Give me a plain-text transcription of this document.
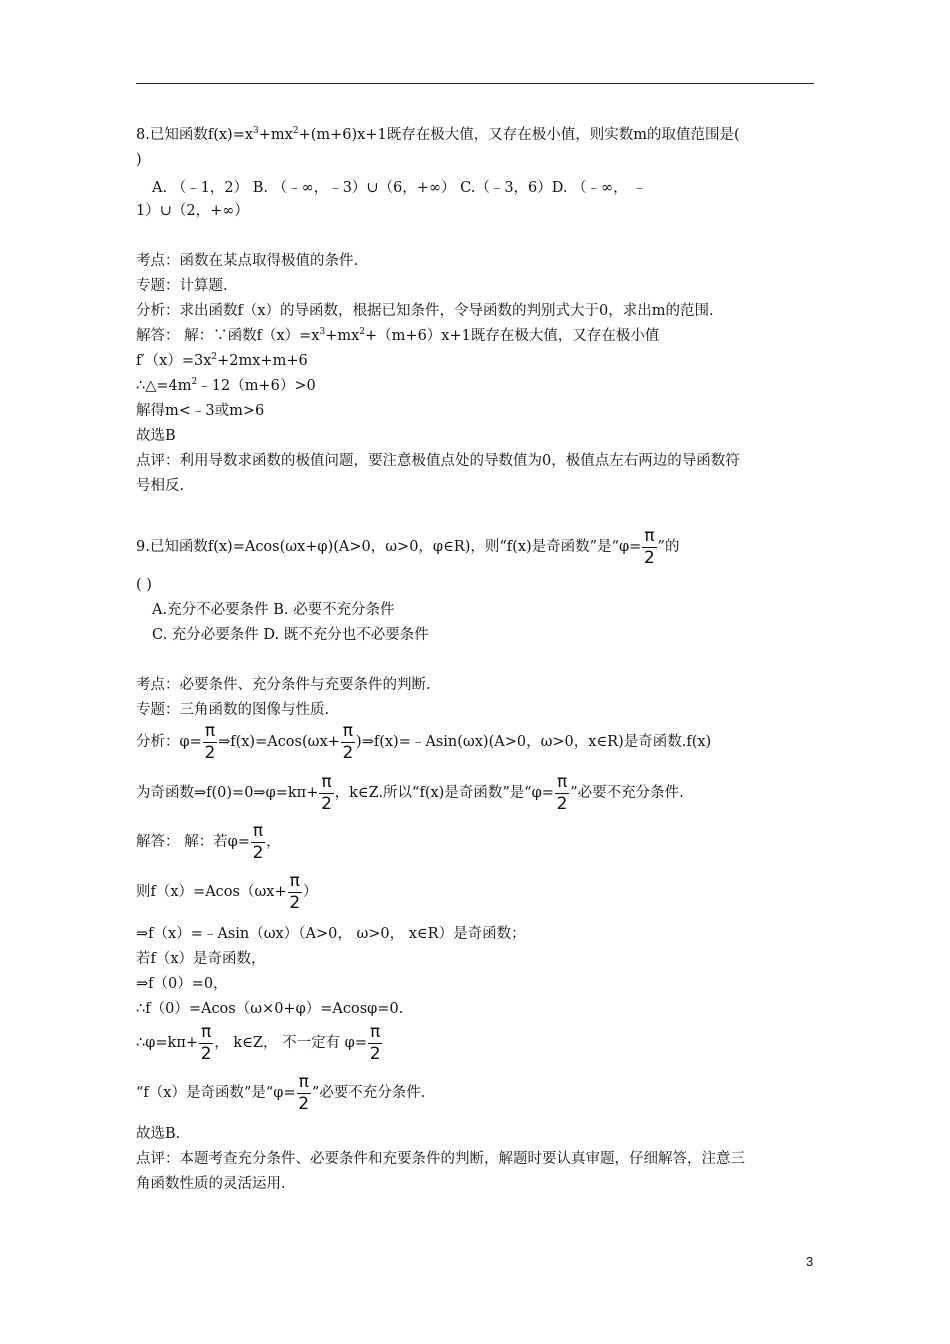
8.已知函数$f(x)=x^3+mx^2+(m+6)x+1$既存在极大值，又存在极小值，则实数m的取值范围是(
)
A. （﹣1，2） B. （﹣∞，﹣3）∪（6，+∞） C.（﹣3，6）D. （﹣∞， ﹣
1）∪（2，+∞）
考点：函数在某点取得极值的条件.
专题：计算题.
分析：求出函数f（x）的导函数，根据已知条件，令导函数的判别式大于0，求出m的范围.
解答： 解：∵函数$f(x)=x^3+mx^2+(m+6)x+1$既存在极大值，又存在极小值
$f'(x)=3x^2+2mx+m+6$
$\therefore\triangle=4m^2﹣12(m+6)>0$
解得m<﹣3或m>6
故选B
点评：利用导数求函数的极值问题，要注意极值点处的导数值为0，极值点左右两边的导函数符
号相反.
9.已知函数f(x)=Acos(ωx+φ)(A>0，ω>0，φ∈R)，则“f(x)是奇函数”是“$\varphi= \frac{\pi}{2}$ ”的
( )
A.充分不必要条件 B. 必要不充分条件
C. 充分必要条件 D. 既不充分也不必要条件
考点：必要条件、充分条件与充要条件的判断.
专题：三角函数的图像与性质.
分析：$\varphi= \frac{\pi}{2}$ ⇒f(x)=Acos(ωx+ $\frac{\pi}{2}$ )⇒f(x)=﹣Asin(ωx)(A>0，ω>0，x∈R)是奇函数.f(x)
为奇函数⇒f(0)=0⇒φ=kπ+ $\frac{\pi}{2}$ ，k∈Z.所以“f(x)是奇函数”是“$\varphi= \frac{\pi}{2}$ ”必要不充分条件.
解答： 解：若$\varphi= \frac{\pi}{2}$ ，
则$f(x)=Acos(\omega x+ \frac{\pi}{2}$ ）
⇒f（x）=﹣Asin（ωx）（A>0， ω>0， x∈R）是奇函数；
若f（x）是奇函数，
⇒f（0）=0，
∴f（0）=Acos（ω×0+φ）=Acosφ=0.
∴φ=kπ+ $\frac{\pi}{2}$ ， k∈Z， 不一定有 $\varphi= \frac{\pi}{2}$
“f（x）是奇函数”是“$\varphi= \frac{\pi}{2}$ ”必要不充分条件.
故选B.
点评：本题考查充分条件、必要条件和充要条件的判断，解题时要认真审题，仔细解答，注意三
角函数性质的灵活运用.
3
